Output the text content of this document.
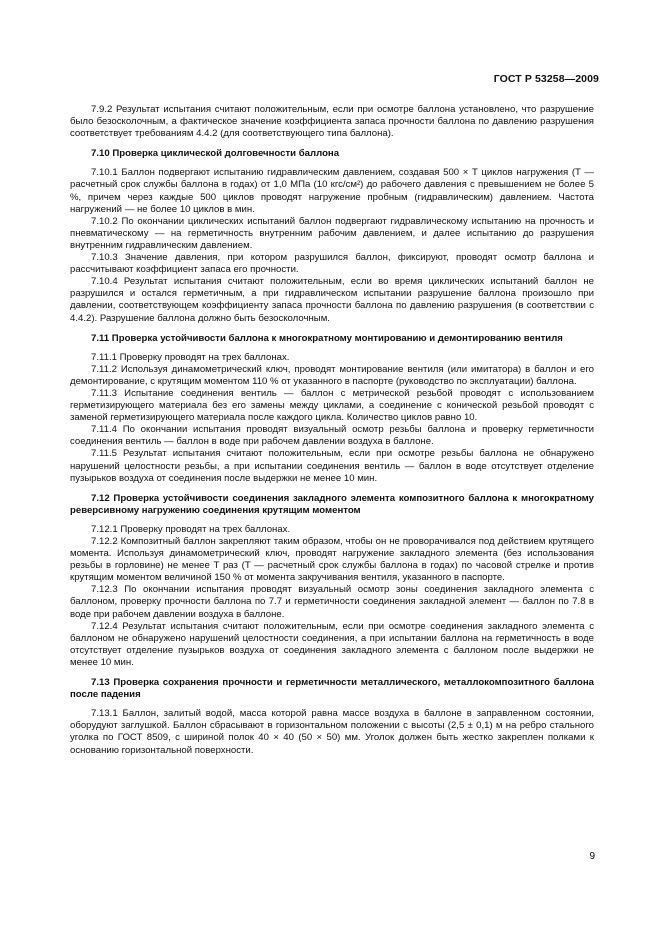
ГОСТ Р 53258—2009

7.9.2 Результат испытания считают положительным, если при осмотре баллона установлено, что разрушение было безосколочным, а фактическое значение коэффициента запаса прочности баллона по давлению разрушения соответствует требованиям 4.4.2 (для соответствующего типа баллона).

7.10 Проверка циклической долговечности баллона

7.10.1 Баллон подвергают испытанию гидравлическим давлением, создавая 500 × T циклов нагружения (T — расчетный срок службы баллона в годах) от 1,0 МПа (10 кгс/см²) до рабочего давления с превышением не более 5 %, причем через каждые 500 циклов проводят нагружение пробным (гидравлическим) давлением. Частота нагружений — не более 10 циклов в мин.

7.10.2 По окончании циклических испытаний баллон подвергают гидравлическому испытанию на прочность и пневматическому — на герметичность внутренним рабочим давлением, и далее испытанию до разрушения внутренним гидравлическим давлением.

7.10.3 Значение давления, при котором разрушился баллон, фиксируют, проводят осмотр баллона и рассчитывают коэффициент запаса его прочности.

7.10.4 Результат испытания считают положительным, если во время циклических испытаний баллон не разрушился и остался герметичным, а при гидравлическом испытании разрушение баллона произошло при давлении, соответствующем коэффициенту запаса прочности баллона по давлению разрушения (в соответствии с 4.4.2). Разрушение баллона должно быть безосколочным.

7.11 Проверка устойчивости баллона к многократному монтированию и демонтированию вентиля

7.11.1 Проверку проводят на трех баллонах.

7.11.2 Используя динамометрический ключ, проводят монтирование вентиля (или имитатора) в баллон и его демонтирование, с крутящим моментом 110 % от указанного в паспорте (руководство по эксплуатации) баллона.

7.11.3 Испытание соединения вентиль — баллон с метрической резьбой проводят с использованием герметизирующего материала без его замены между циклами, а соединение с конической резьбой проводят с заменой герметизирующего материала после каждого цикла. Количество циклов равно 10.

7.11.4 По окончании испытания проводят визуальный осмотр резьбы баллона и проверку герметичности соединения вентиль — баллон в воде при рабочем давлении воздуха в баллоне.

7.11.5 Результат испытания считают положительным, если при осмотре резьбы баллона не обнаружено нарушений целостности резьбы, а при испытании соединения вентиль — баллон в воде отсутствует отделение пузырьков воздуха от соединения после выдержки не менее 10 мин.

7.12 Проверка устойчивости соединения закладного элемента композитного баллона к многократному реверсивному нагружению соединения крутящим моментом

7.12.1 Проверку проводят на трех баллонах.

7.12.2 Композитный баллон закрепляют таким образом, чтобы он не проворачивался под действием крутящего момента. Используя динамометрический ключ, проводят нагружение закладного элемента (без использования резьбы в горловине) не менее T раз (T — расчетный срок службы баллона в годах) по часовой стрелке и против крутящим моментом величиной 150 % от момента закручивания вентиля, указанного в паспорте.

7.12.3 По окончании испытания проводят визуальный осмотр зоны соединения закладного элемента с баллоном, проверку прочности баллона по 7.7 и герметичности соединения закладной элемент — баллон по 7.8 в воде при рабочем давлении воздуха в баллоне.

7.12.4 Результат испытания считают положительным, если при осмотре соединения закладного элемента с баллоном не обнаружено нарушений целостности соединения, а при испытании баллона на герметичность в воде отсутствует отделение пузырьков воздуха от соединения закладного элемента с баллоном после выдержки не менее 10 мин.

7.13 Проверка сохранения прочности и герметичности металлического, металлокомпозитного баллона после падения

7.13.1 Баллон, залитый водой, масса которой равна массе воздуха в баллоне в заправленном состоянии, оборудуют заглушкой. Баллон сбрасывают в горизонтальном положении с высоты (2,5 ± 0,1) м на ребро стального уголка по ГОСТ 8509, с шириной полок 40 × 40 (50 × 50) мм. Уголок должен быть жестко закреплен полками к основанию горизонтальной поверхности.

9
